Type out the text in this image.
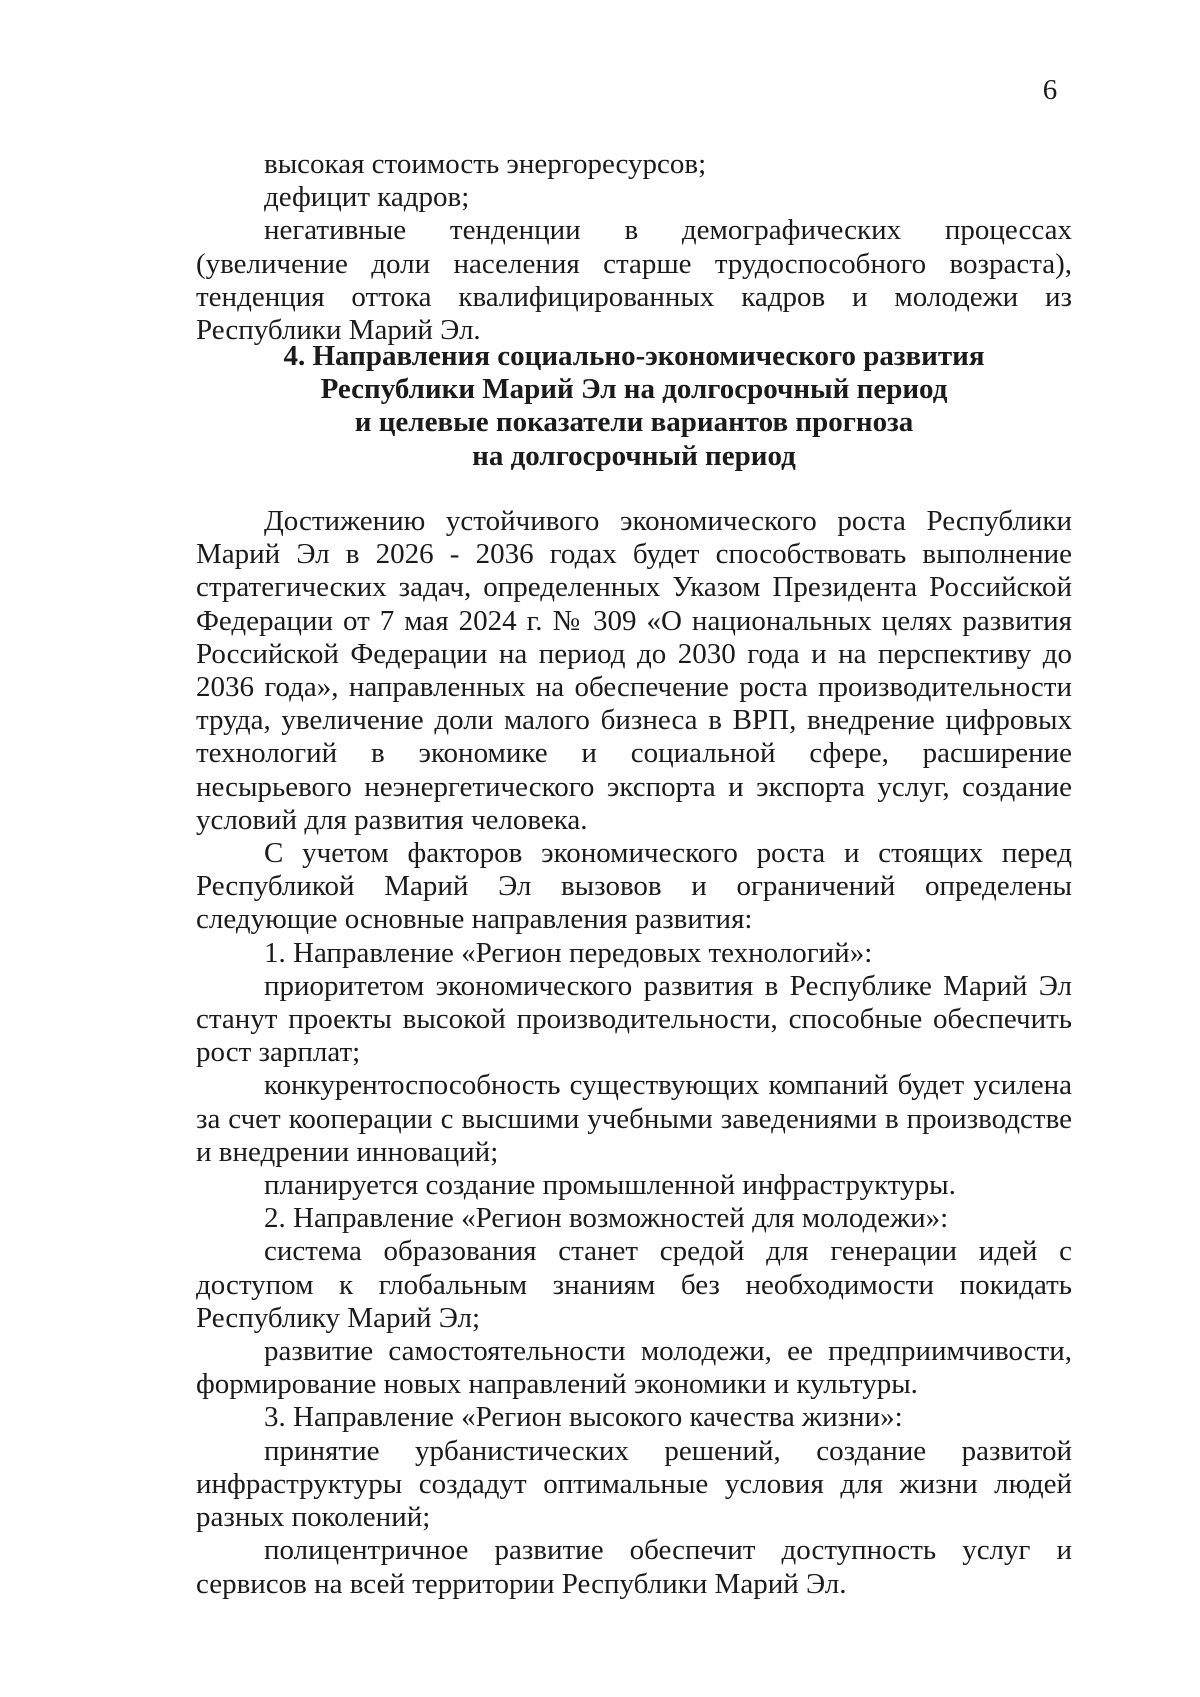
6

высокая стоимость энергоресурсов;

дефицит кадров;

негативные тенденции в демографических процессах (увеличение доли населения старше трудоспособного возраста), тенденция оттока квалифицированных кадров и молодежи из Республики Марий Эл.

4. Направления социально-экономического развития
Республики Марий Эл на долгосрочный период
и целевые показатели вариантов прогноза
на долгосрочный период

Достижению устойчивого экономического роста Республики Марий Эл в 2026 - 2036 годах будет способствовать выполнение стратегических задач, определенных Указом Президента Российской Федерации от 7 мая 2024 г. № 309 «О национальных целях развития Российской Федерации на период до 2030 года и на перспективу до 2036 года», направленных на обеспечение роста производительности труда, увеличение доли малого бизнеса в ВРП, внедрение цифровых технологий в экономике и социальной сфере, расширение несырьевого неэнергетического экспорта и экспорта услуг, создание условий для развития человека.

С учетом факторов экономического роста и стоящих перед Республикой Марий Эл вызовов и ограничений определены следующие основные направления развития:

1. Направление «Регион передовых технологий»:

приоритетом экономического развития в Республике Марий Эл станут проекты высокой производительности, способные обеспечить рост зарплат;

конкурентоспособность существующих компаний будет усилена за счет кооперации с высшими учебными заведениями в производстве и внедрении инноваций;

планируется создание промышленной инфраструктуры.

2. Направление «Регион возможностей для молодежи»:

система образования станет средой для генерации идей с доступом к глобальным знаниям без необходимости покидать Республику Марий Эл;

развитие самостоятельности молодежи, ее предприимчивости, формирование новых направлений экономики и культуры.

3. Направление «Регион высокого качества жизни»:

принятие урбанистических решений, создание развитой инфраструктуры создадут оптимальные условия для жизни людей разных поколений;

полицентричное развитие обеспечит доступность услуг и сервисов на всей территории Республики Марий Эл.
